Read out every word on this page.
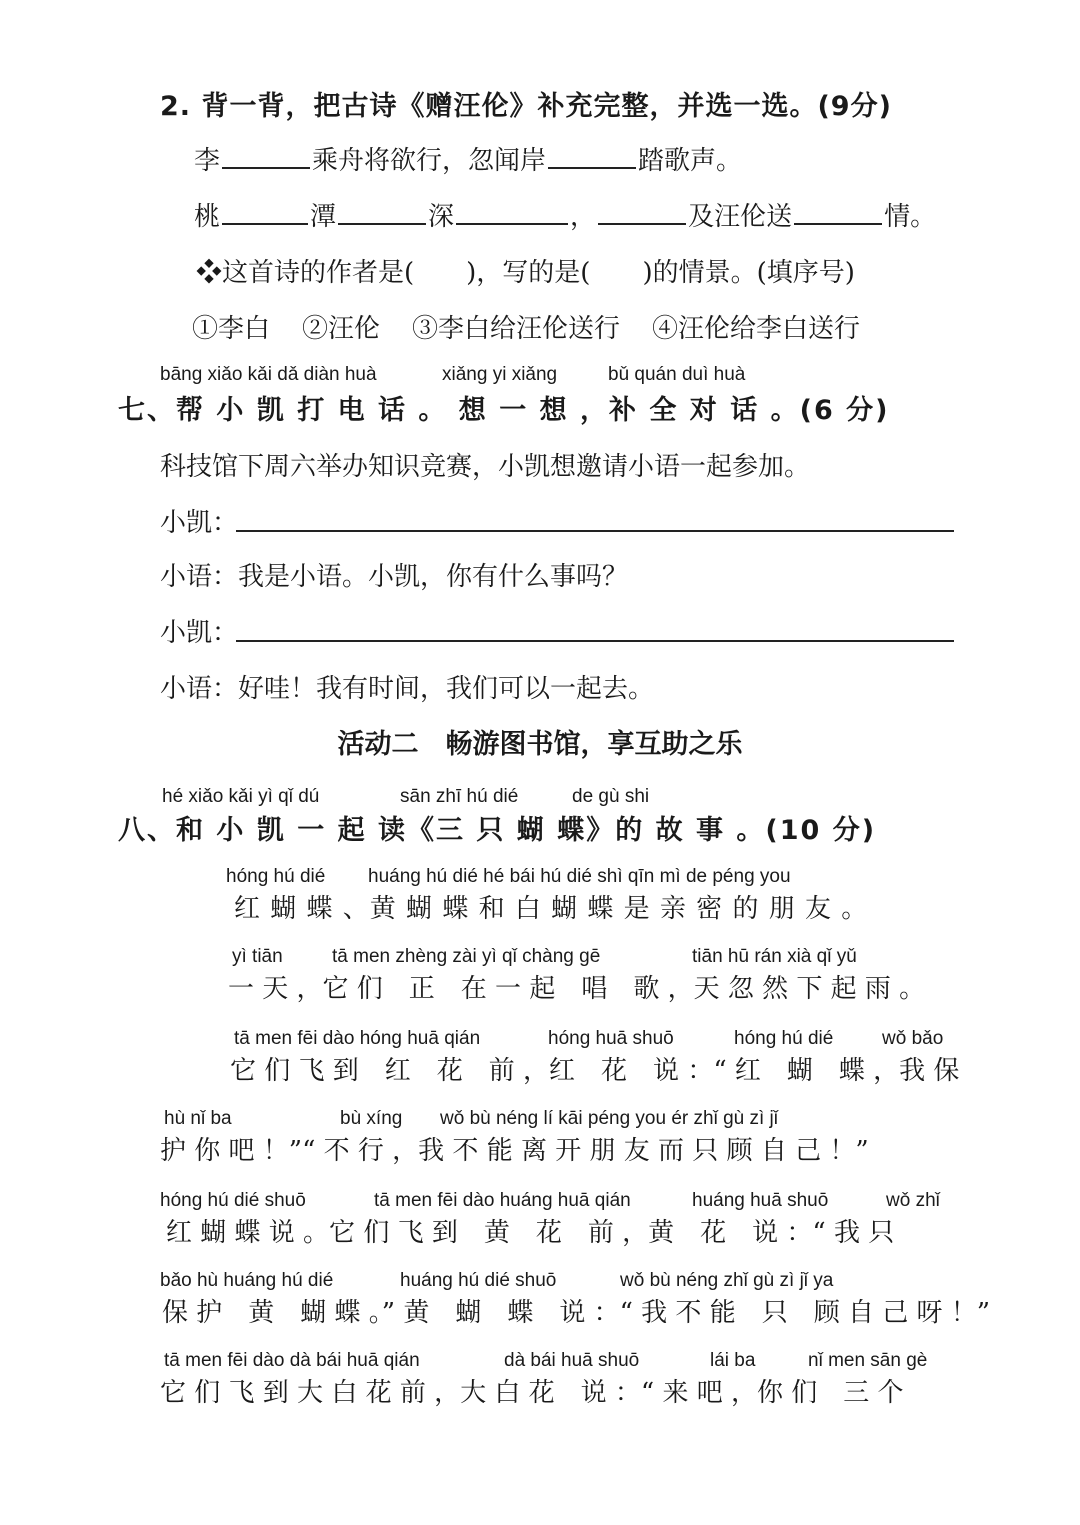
2. 背一背，把古诗《赠汪伦》补充完整，并选一选。(9分)
李	乘舟将欲行，忽闻岸	踏歌声。
桃	潭	深	，	及汪伦送	情。
❖这首诗的作者是( )，写的是( )的情景。(填序号)
①李白 ②汪伦 ③李白给汪伦送行 ④汪伦给李白送行
bāng xiǎo kǎi dǎ diàn huà	xiǎng yi xiǎng	bǔ quán duì huà
七、帮 小 凯 打 电 话 。 想 一 想 ，补 全 对 话 。(6 分)
科技馆下周六举办知识竞赛，小凯想邀请小语一起参加。
小凯：
小语：我是小语。小凯，你有什么事吗？
小凯：
小语：好哇！我有时间，我们可以一起去。
活动二　畅游图书馆，享互助之乐
hé xiǎo kǎi yì qǐ dú	sān zhī hú dié	de gù shi
八、和 小 凯 一 起 读《三 只 蝴 蝶》的 故 事 。(10 分)
hóng hú dié huáng hú dié hé bái hú dié shì qīn mì de péng you
红 蝴 蝶 、黄 蝴 蝶 和 白 蝴 蝶 是 亲 密 的 朋 友 。
yì tiān	tā men zhèng zài yì qǐ chàng gē	tiān hū rán xià qǐ yǔ
一 天 ，它 们　正　在 一 起　唱　歌 ，天 忽 然 下 起 雨 。
tā men fēi dào hóng huā qián	hóng huā shuō	hóng hú dié	wǒ bǎo
它 们 飞 到　红　花　前 ，红　花　说 ：“ 红　蝴　蝶 ，我 保
hù nǐ ba	bù xíng wǒ bù néng lí kāi péng you ér zhǐ gù zì jǐ
护 你 吧 ！”“ 不 行 ，我 不 能 离 开 朋 友 而 只 顾 自 己 ！”
hóng hú dié shuō	tā men fēi dào huáng huā qián	huáng huā shuō	wǒ zhǐ
红 蝴 蝶 说 。它 们 飞 到　黄　花　前 ，黄　花　说 ：“ 我 只
bǎo hù huáng hú dié	huáng hú dié shuō	wǒ bù néng zhǐ gù zì jǐ ya
保 护　黄　蝴 蝶 。” 黄　蝴　蝶　说 ：“ 我 不 能　只　顾 自 己 呀 ！”
tā men fēi dào dà bái huā qián	dà bái huā shuō	lái ba	nǐ men sān gè
它 们 飞 到 大 白 花 前 ，大 白 花　说 ：“ 来 吧 ，你 们　三 个
